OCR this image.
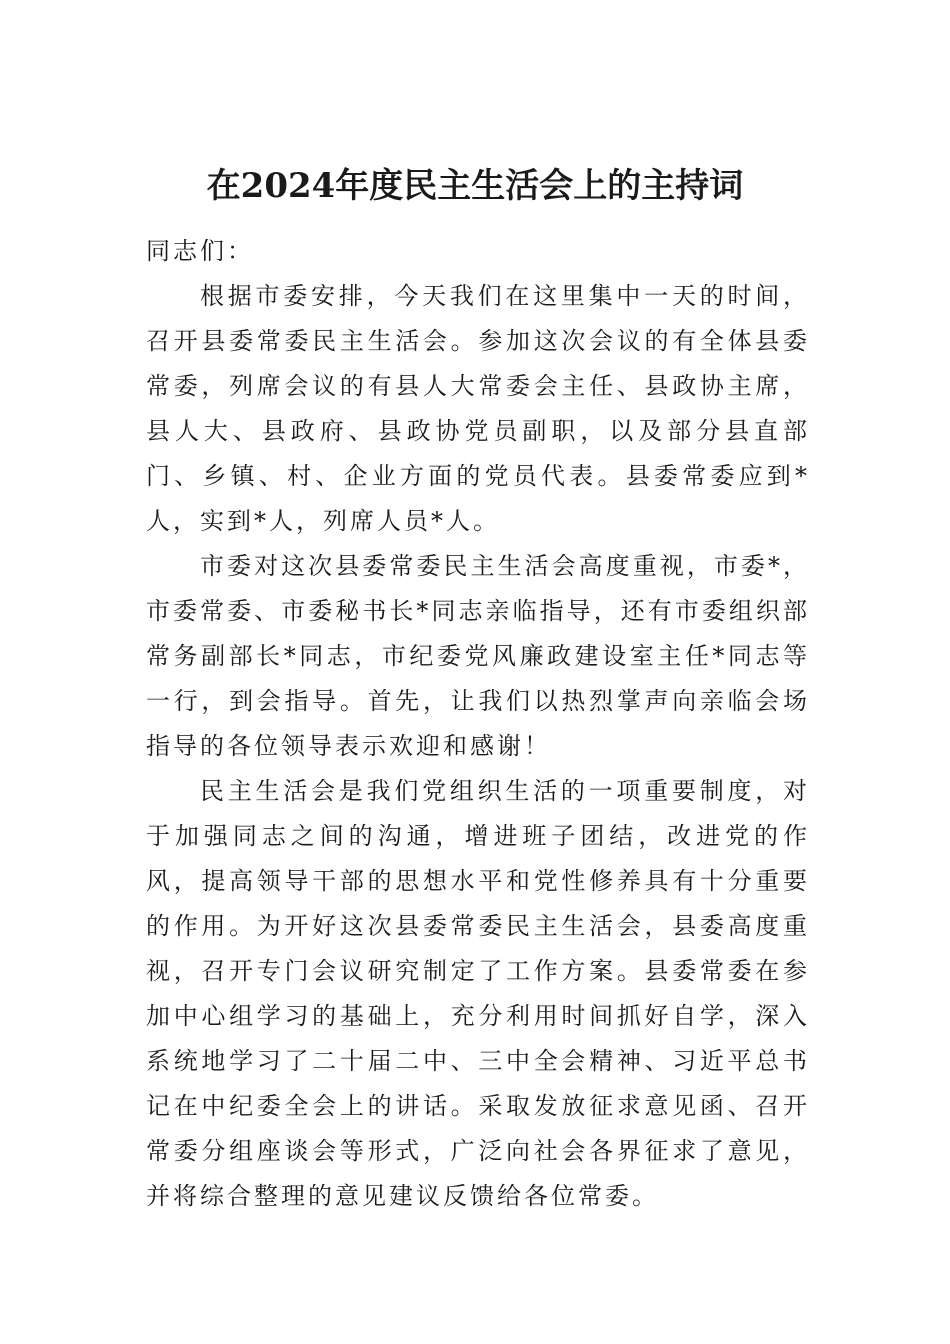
在2024年度民主生活会上的主持词

同志们：

根据市委安排，今天我们在这里集中一天的时间，召开县委常委民主生活会。参加这次会议的有全体县委常委，列席会议的有县人大常委会主任、县政协主席，县人大、县政府、县政协党员副职，以及部分县直部门、乡镇、村、企业方面的党员代表。县委常委应到*人，实到*人，列席人员*人。

市委对这次县委常委民主生活会高度重视，市委*，市委常委、市委秘书长*同志亲临指导，还有市委组织部常务副部长*同志，市纪委党风廉政建设室主任*同志等一行，到会指导。首先，让我们以热烈掌声向亲临会场指导的各位领导表示欢迎和感谢！

民主生活会是我们党组织生活的一项重要制度，对于加强同志之间的沟通，增进班子团结，改进党的作风，提高领导干部的思想水平和党性修养具有十分重要的作用。为开好这次县委常委民主生活会，县委高度重视，召开专门会议研究制定了工作方案。县委常委在参加中心组学习的基础上，充分利用时间抓好自学，深入系统地学习了二十届二中、三中全会精神、习近平总书记在中纪委全会上的讲话。采取发放征求意见函、召开常委分组座谈会等形式，广泛向社会各界征求了意见，并将综合整理的意见建议反馈给各位常委。
